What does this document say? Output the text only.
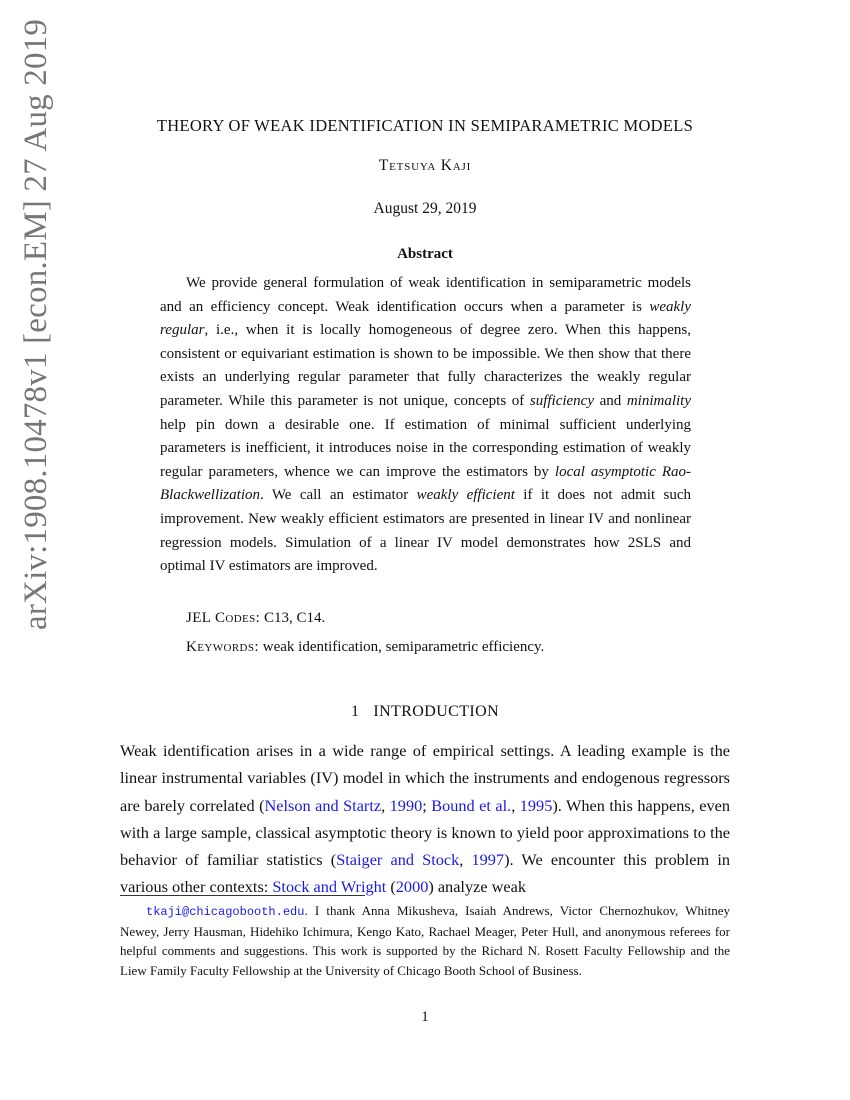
arXiv:1908.10478v1 [econ.EM] 27 Aug 2019	THEORY OF WEAK IDENTIFICATION IN SEMIPARAMETRIC MODELS
Tetsuya Kaji
August 29, 2019
Abstract

We provide general formulation of weak identification in semiparametric models and an efficiency concept. Weak identification occurs when a parameter is weakly regular, i.e., when it is locally homogeneous of degree zero. When this happens, consistent or equivariant estimation is shown to be impossible. We then show that there exists an underlying regular parameter that fully characterizes the weakly regular parameter. While this parameter is not unique, concepts of sufficiency and minimality help pin down a desirable one. If estimation of minimal sufficient underlying parameters is inefficient, it introduces noise in the corresponding estimation of weakly regular parameters, whence we can improve the estimators by local asymptotic Rao-Blackwellization. We call an estimator weakly efficient if it does not admit such improvement. New weakly efficient estimators are presented in linear IV and nonlinear regression models. Simulation of a linear IV model demonstrates how 2SLS and optimal IV estimators are improved.

JEL Codes: C13, C14.
Keywords: weak identification, semiparametric efficiency.
1 INTRODUCTION

Weak identification arises in a wide range of empirical settings. A leading example is the linear instrumental variables (IV) model in which the instruments and endogenous regressors are barely correlated (Nelson and Startz, 1990; Bound et al., 1995). When this happens, even with a large sample, classical asymptotic theory is known to yield poor approximations to the behavior of familiar statistics (Staiger and Stock, 1997). We encounter this problem in various other contexts: Stock and Wright (2000) analyze weak

tkaji@chicagobooth.edu. I thank Anna Mikusheva, Isaiah Andrews, Victor Chernozhukov, Whitney Newey, Jerry Hausman, Hidehiko Ichimura, Kengo Kato, Rachael Meager, Peter Hull, and anonymous referees for helpful comments and suggestions. This work is supported by the Richard N. Rosett Faculty Fellowship and the Liew Family Faculty Fellowship at the University of Chicago Booth School of Business.

1
